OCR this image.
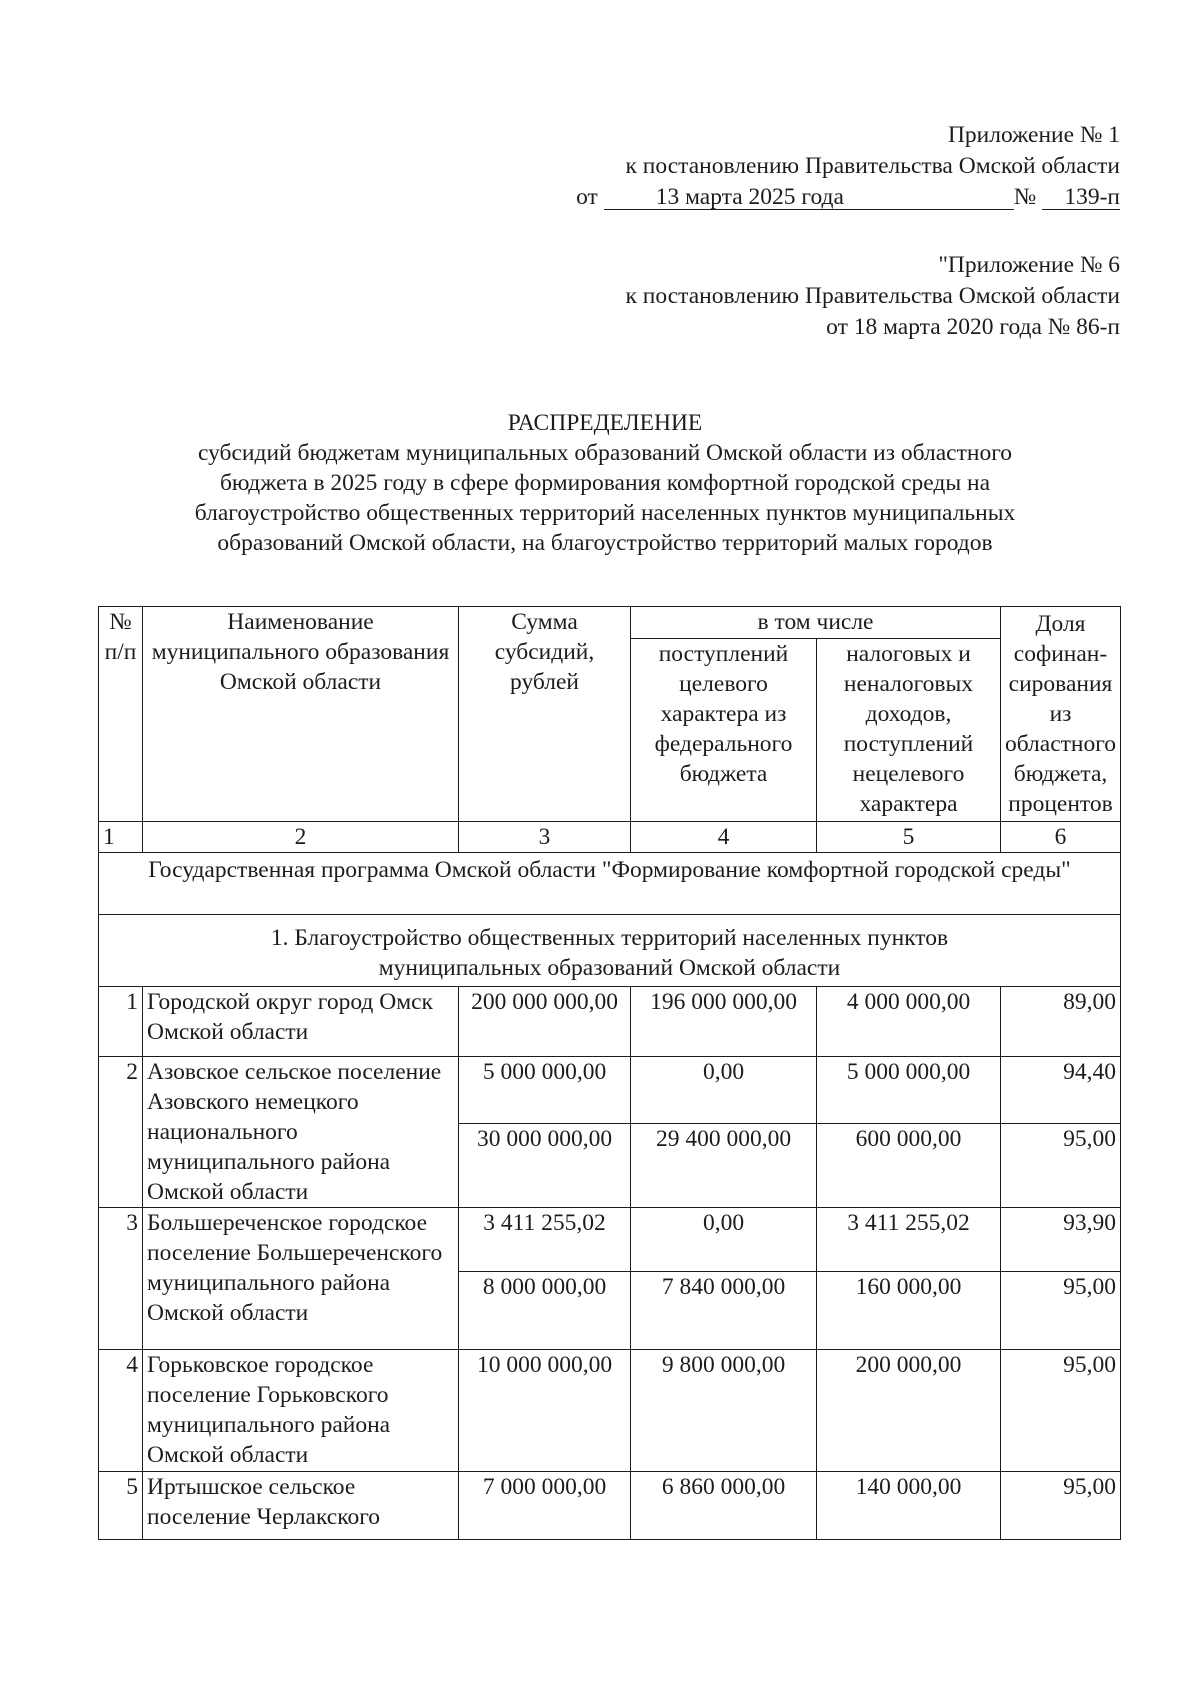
Приложение № 1
к постановлению Правительства Омской области
от 13 марта 2025 года	№ 139-п
"Приложение № 6
к постановлению Правительства Омской области
от 18 марта 2020 года № 86-п
РАСПРЕДЕЛЕНИЕ
субсидий бюджетам муниципальных образований Омской области из областного
бюджета в 2025 году в сфере формирования комфортной городской среды на
благоустройство общественных территорий населенных пунктов муниципальных
образований Омской области, на благоустройство территорий малых городов
№ п/п	Наименование муниципального образования Омской области	Сумма субсидий, рублей	в том числе		Доля софинан- сирования из областного бюджета, процентов
			поступлений целевого характера из федерального бюджета	налоговых и неналоговых доходов, поступлений нецелевого характера	
1	2	3	4	5	6
Государственная программа Омской области "Формирование комфортной городской среды"					
1. Благоустройство общественных территорий населенных пунктов муниципальных образований Омской области					
1	Городской округ город Омск Омской области	200 000 000,00	196 000 000,00	4 000 000,00	89,00
2	Азовское сельское поселение Азовского немецкого национального муниципального района Омской области	5 000 000,00	0,00	5 000 000,00	94,40
		30 000 000,00	29 400 000,00	600 000,00	95,00
3	Большереченское городское поселение Большереченского муниципального района Омской области	3 411 255,02	0,00	3 411 255,02	93,90
		8 000 000,00	7 840 000,00	160 000,00	95,00
4	Горьковское городское поселение Горьковского муниципального района Омской области	10 000 000,00	9 800 000,00	200 000,00	95,00
5	Иртышское сельское поселение Черлакского	7 000 000,00	6 860 000,00	140 000,00	95,00
